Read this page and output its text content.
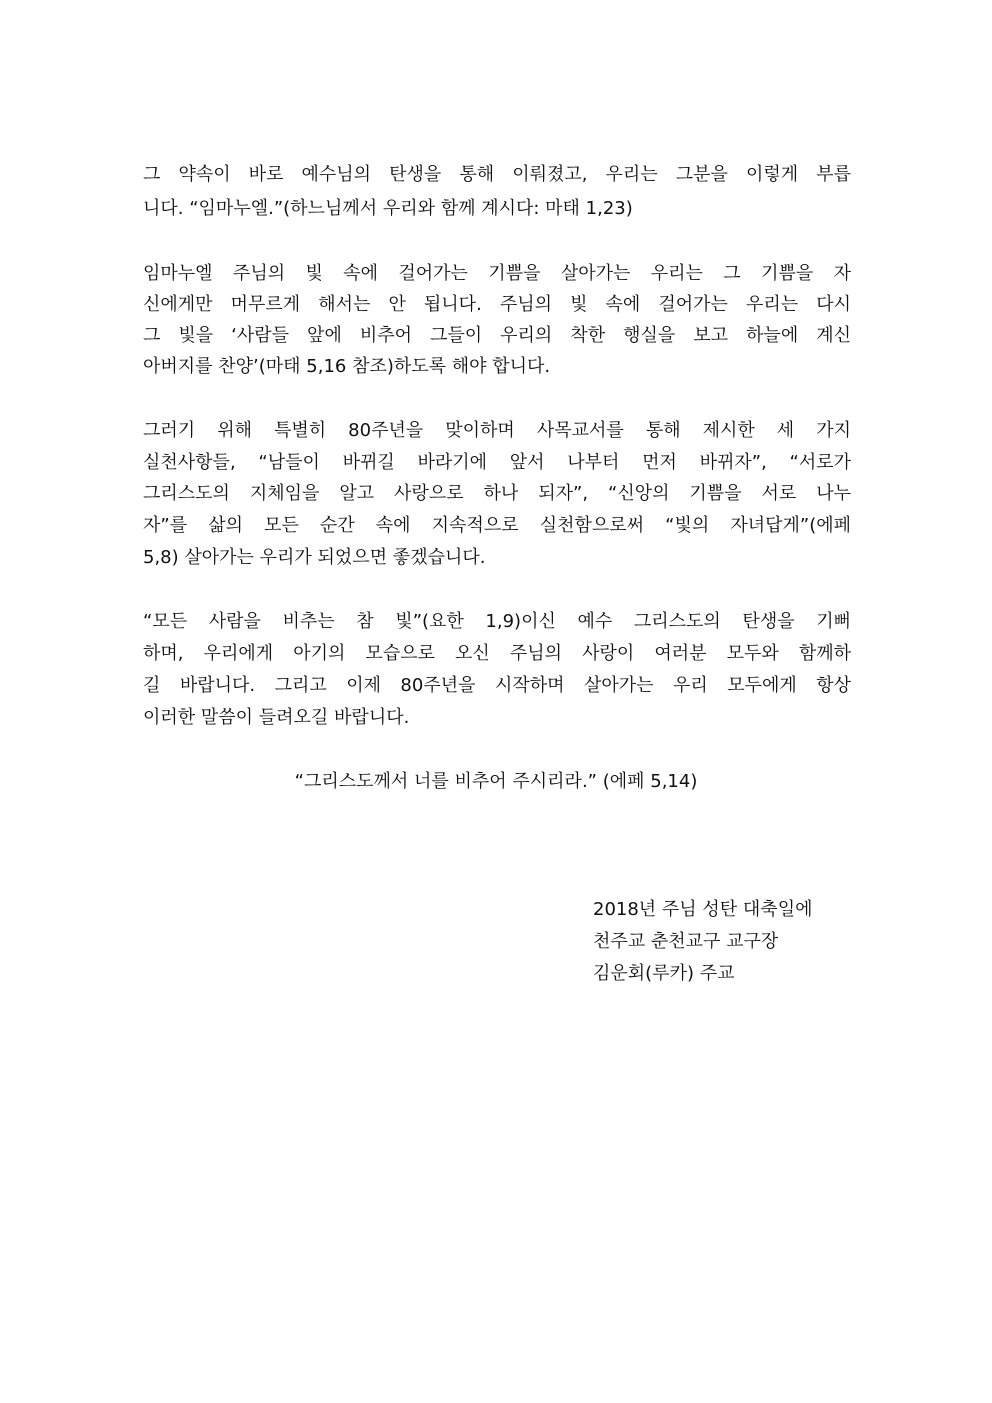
그 약속이 바로 예수님의 탄생을 통해 이뤄졌고, 우리는 그분을 이렇게 부릅
니다. “임마누엘.”(하느님께서 우리와 함께 계시다: 마태 1,23)
임마누엘 주님의 빛 속에 걸어가는 기쁨을 살아가는 우리는 그 기쁨을 자
신에게만 머무르게 해서는 안 됩니다. 주님의 빛 속에 걸어가는 우리는 다시
그 빛을 ‘사람들 앞에 비추어 그들이 우리의 착한 행실을 보고 하늘에 계신
아버지를 찬양’(마태 5,16 참조)하도록 해야 합니다.
그러기 위해 특별히 80주년을 맞이하며 사목교서를 통해 제시한 세 가지
실천사항들, “남들이 바뀌길 바라기에 앞서 나부터 먼저 바뀌자”, “서로가
그리스도의 지체임을 알고 사랑으로 하나 되자”, “신앙의 기쁨을 서로 나누
자”를 삶의 모든 순간 속에 지속적으로 실천함으로써 “빛의 자녀답게”(에페
5,8) 살아가는 우리가 되었으면 좋겠습니다.
“모든 사람을 비추는 참 빛”(요한 1,9)이신 예수 그리스도의 탄생을 기뻐
하며, 우리에게 아기의 모습으로 오신 주님의 사랑이 여러분 모두와 함께하
길 바랍니다. 그리고 이제 80주년을 시작하며 살아가는 우리 모두에게 항상
이러한 말씀이 들려오길 바랍니다.
“그리스도께서 너를 비추어 주시리라.” (에페 5,14)
2018년 주님 성탄 대축일에
천주교 춘천교구 교구장
김운회(루카) 주교
